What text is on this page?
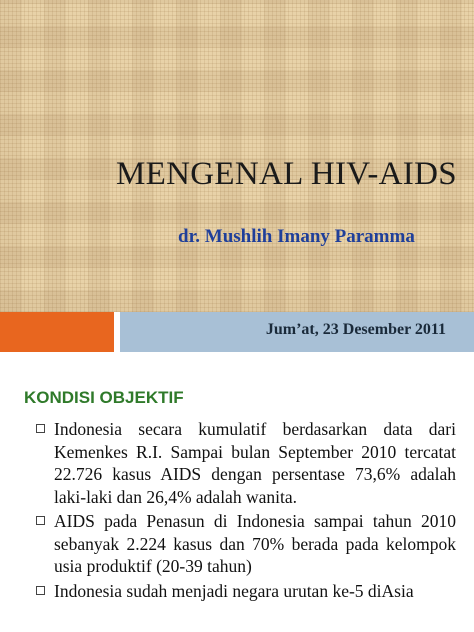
MENGENAL HIV-AIDS

dr. Mushlih Imany Paramma

Jum’at, 23 Desember 2011

KONDISI OBJEKTIF
Indonesia secara kumulatif berdasarkan data dari Kemenkes R.I. Sampai bulan September 2010 tercatat 22.726 kasus AIDS dengan persentase 73,6% adalah laki-laki dan 26,4% adalah wanita.
AIDS pada Penasun di Indonesia sampai tahun 2010 sebanyak 2.224 kasus dan 70% berada pada kelompok usia produktif (20-39 tahun)
Indonesia sudah menjadi negara urutan ke-5 diAsia
